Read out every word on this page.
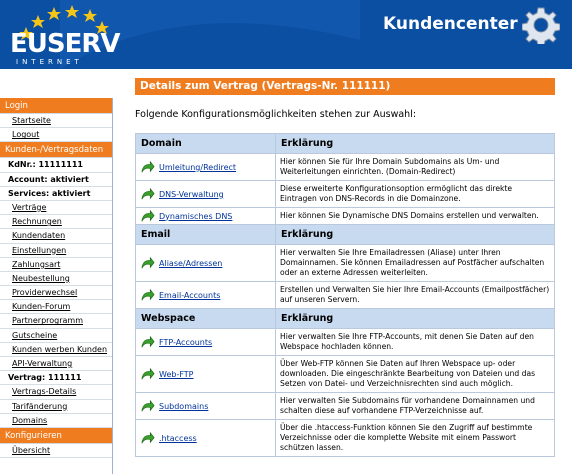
EUSERV
INTERNET
Kundencenter
Login
Startseite
Logout
Kunden-/Vertragsdaten
KdNr.: 11111111
Account: aktiviert
Services: aktiviert
Verträge
Rechnungen
Kundendaten
Einstellungen
Zahlungsart
Neubestellung
Providerwechsel
Kunden-Forum
Partnerprogramm
Gutscheine
Kunden werben Kunden
API-Verwaltung
Vertrag: 111111
Vertrags-Details
Tarifänderung
Domains
Konfigurieren
Übersicht
Details zum Vertrag (Vertrags-Nr. 111111)
Folgende Konfigurationsmöglichkeiten stehen zur Auswahl:
Domain	Erklärung
Umleitung/Redirect	Hier können Sie für Ihre Domain Subdomains als Um- und Weiterleitungen einrichten. (Domain-Redirect)
DNS-Verwaltung	Diese erweiterte Konfigurationsoption ermöglicht das direkte Eintragen von DNS-Records in die Domainzone.
Dynamisches DNS	Hier können Sie Dynamische DNS Domains erstellen und verwalten.
Email	Erklärung
Aliase/Adressen	Hier verwalten Sie Ihre Emailadressen (Aliase) unter Ihren Domainnamen. Sie können Emailadressen auf Postfächer aufschalten oder an externe Adressen weiterleiten.
Email-Accounts	Erstellen und Verwalten Sie hier Ihre Email-Accounts (Emailpostfächer) auf unseren Servern.
Webspace	Erklärung
FTP-Accounts	Hier verwalten Sie Ihre FTP-Accounts, mit denen Sie Daten auf den Webspace hochladen können.
Web-FTP	Über Web-FTP können Sie Daten auf Ihren Webspace up- oder downloaden. Die eingeschränkte Bearbeitung von Dateien und das Setzen von Datei- und Verzeichnisrechten sind auch möglich.
Subdomains	Hier verwalten Sie Subdomains für vorhandene Domainnamen und schalten diese auf vorhandene FTP-Verzeichnisse auf.
.htaccess	Über die .htaccess-Funktion können Sie den Zugriff auf bestimmte Verzeichnisse oder die komplette Website mit einem Passwort schützen lassen.
